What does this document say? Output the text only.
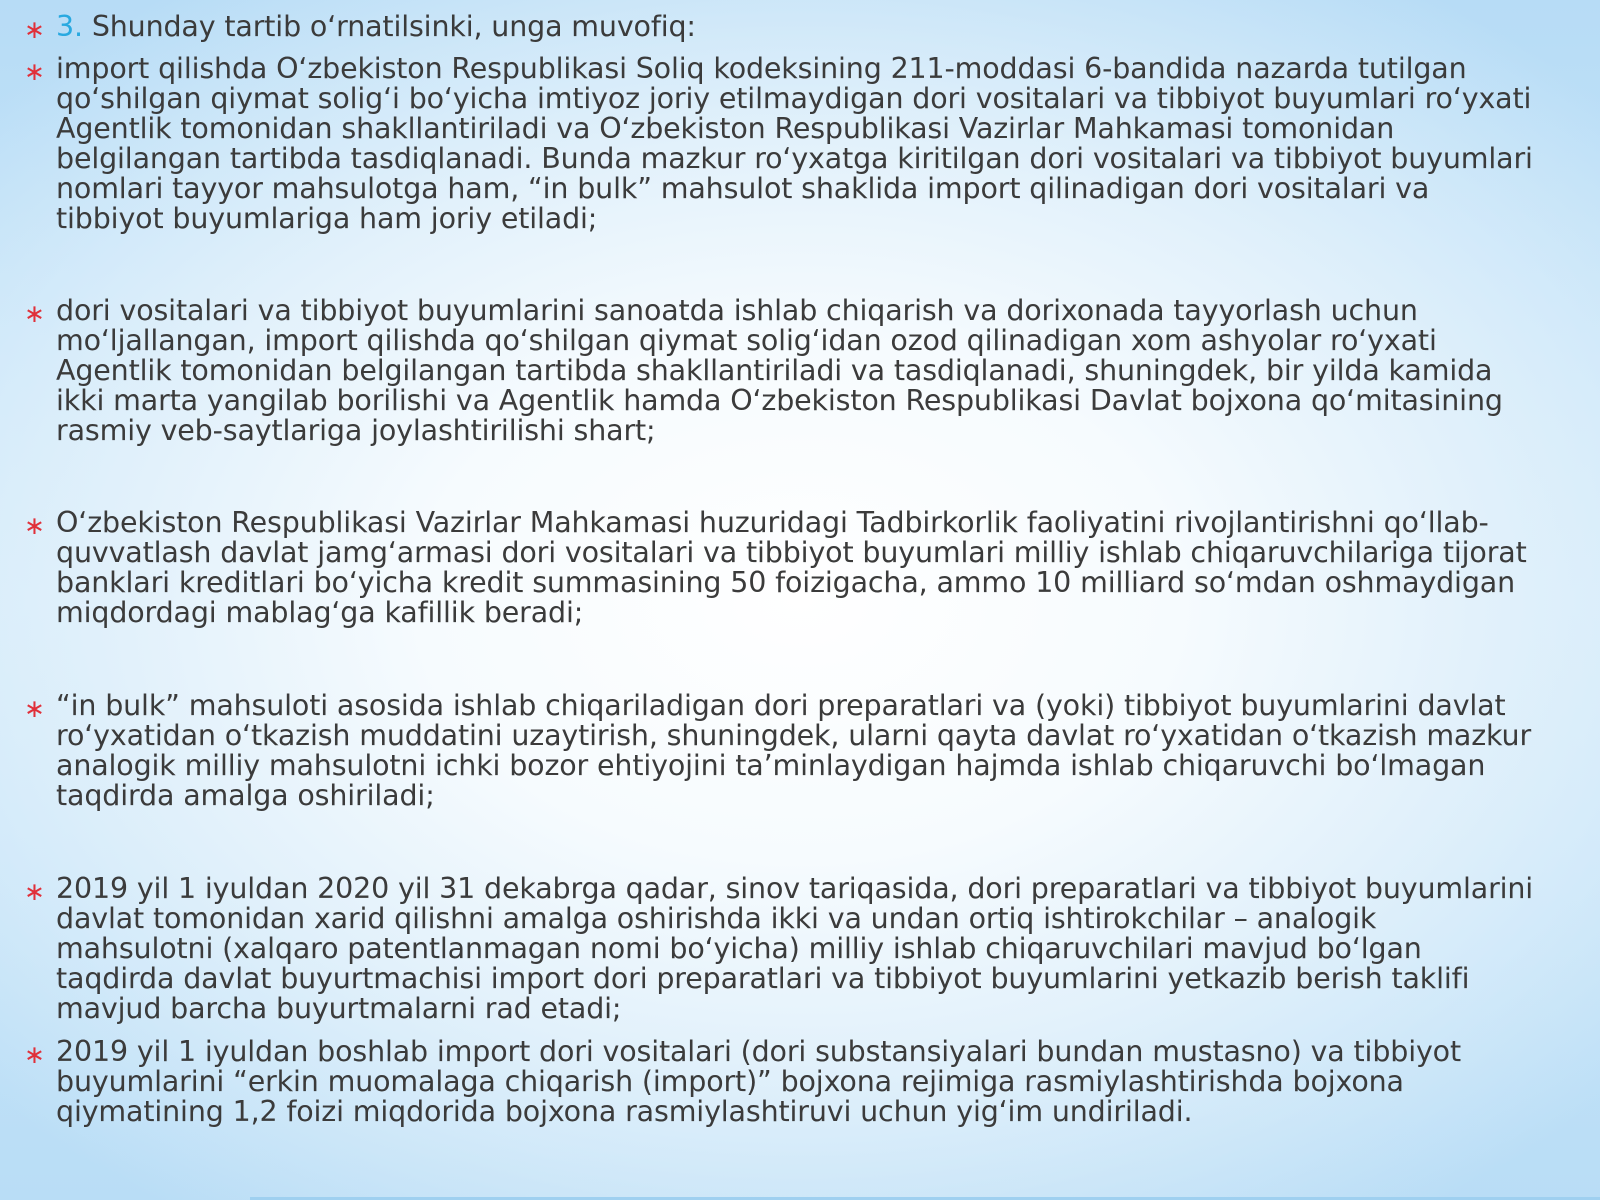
∗ 3. Shunday tartib oʻrnatilsinki, unga muvofiq:
∗ import qilishda Oʻzbekiston Respublikasi Soliq kodeksining 211-moddasi 6-bandida nazarda tutilgan
qoʻshilgan qiymat soligʻi boʻyicha imtiyoz joriy etilmaydigan dori vositalari va tibbiyot buyumlari roʻyxati
Agentlik tomonidan shakllantiriladi va Oʻzbekiston Respublikasi Vazirlar Mahkamasi tomonidan
belgilangan tartibda tasdiqlanadi. Bunda mazkur roʻyxatga kiritilgan dori vositalari va tibbiyot buyumlari
nomlari tayyor mahsulotga ham, “in bulk” mahsulot shaklida import qilinadigan dori vositalari va
tibbiyot buyumlariga ham joriy etiladi;
∗ dori vositalari va tibbiyot buyumlarini sanoatda ishlab chiqarish va dorixonada tayyorlash uchun
moʻljallangan, import qilishda qoʻshilgan qiymat soligʻidan ozod qilinadigan xom ashyolar roʻyxati
Agentlik tomonidan belgilangan tartibda shakllantiriladi va tasdiqlanadi, shuningdek, bir yilda kamida
ikki marta yangilab borilishi va Agentlik hamda Oʻzbekiston Respublikasi Davlat bojxona qoʻmitasining
rasmiy veb-saytlariga joylashtirilishi shart;
∗ Oʻzbekiston Respublikasi Vazirlar Mahkamasi huzuridagi Tadbirkorlik faoliyatini rivojlantirishni qoʻllab-
quvvatlash davlat jamgʻarmasi dori vositalari va tibbiyot buyumlari milliy ishlab chiqaruvchilariga tijorat
banklari kreditlari boʻyicha kredit summasining 50 foizigacha, ammo 10 milliard soʻmdan oshmaydigan
miqdordagi mablagʻga kafillik beradi;
∗ “in bulk” mahsuloti asosida ishlab chiqariladigan dori preparatlari va (yoki) tibbiyot buyumlarini davlat
roʻyxatidan oʻtkazish muddatini uzaytirish, shuningdek, ularni qayta davlat roʻyxatidan oʻtkazish mazkur
analogik milliy mahsulotni ichki bozor ehtiyojini taʼminlaydigan hajmda ishlab chiqaruvchi boʻlmagan
taqdirda amalga oshiriladi;
∗ 2019 yil 1 iyuldan 2020 yil 31 dekabrga qadar, sinov tariqasida, dori preparatlari va tibbiyot buyumlarini
davlat tomonidan xarid qilishni amalga oshirishda ikki va undan ortiq ishtirokchilar – analogik
mahsulotni (xalqaro patentlanmagan nomi boʻyicha) milliy ishlab chiqaruvchilari mavjud boʻlgan
taqdirda davlat buyurtmachisi import dori preparatlari va tibbiyot buyumlarini yetkazib berish taklifi
mavjud barcha buyurtmalarni rad etadi;
∗ 2019 yil 1 iyuldan boshlab import dori vositalari (dori substansiyalari bundan mustasno) va tibbiyot
buyumlarini “erkin muomalaga chiqarish (import)” bojxona rejimiga rasmiylashtirishda bojxona
qiymatining 1,2 foizi miqdorida bojxona rasmiylashtiruvi uchun yigʻim undiriladi.
